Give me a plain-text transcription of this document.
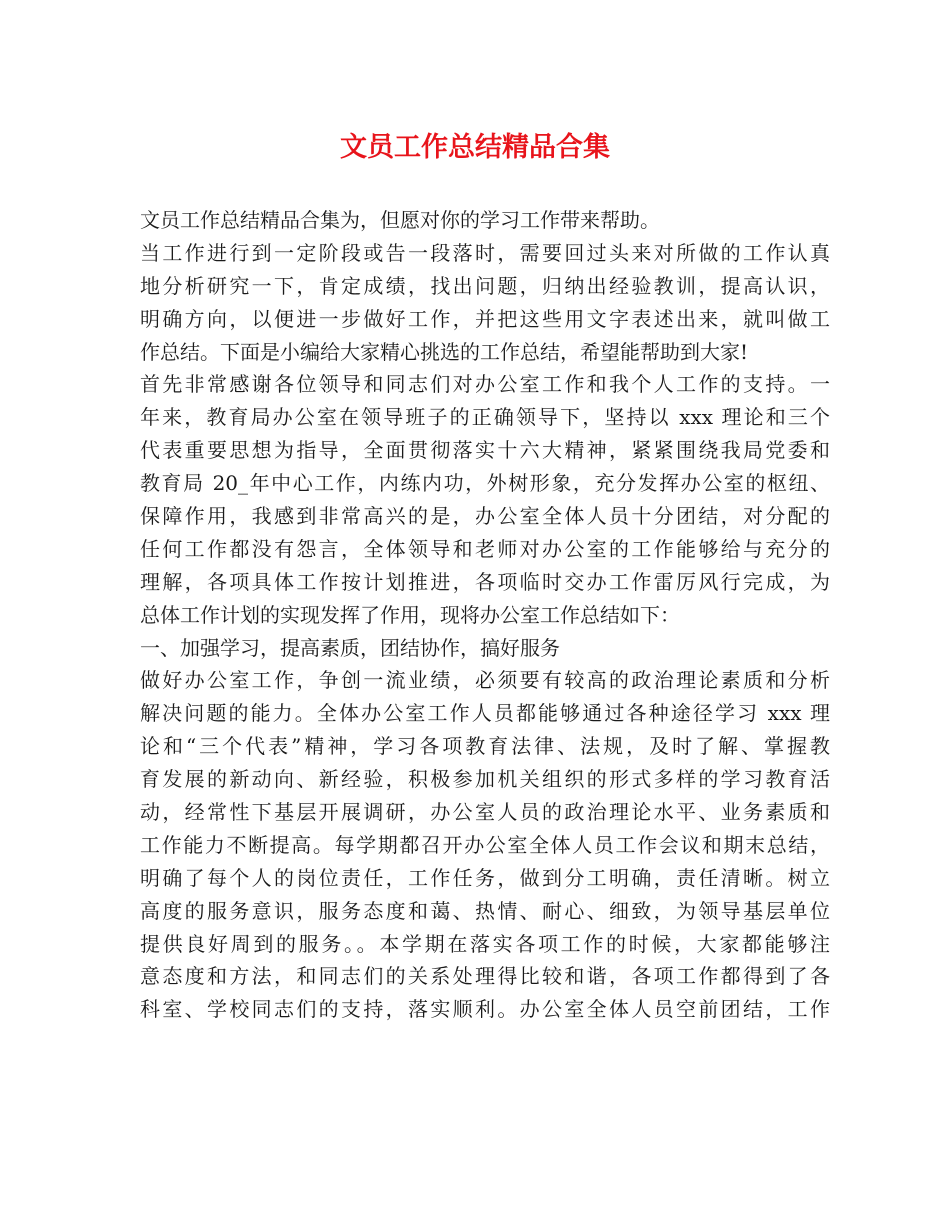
文员工作总结精品合集
文员工作总结精品合集为，但愿对你的学习工作带来帮助。
当工作进行到一定阶段或告一段落时，需要回过头来对所做的工作认真
地分析研究一下，肯定成绩，找出问题，归纳出经验教训，提高认识，
明确方向，以便进一步做好工作，并把这些用文字表述出来，就叫做工
作总结。下面是小编给大家精心挑选的工作总结，希望能帮助到大家!
首先非常感谢各位领导和同志们对办公室工作和我个人工作的支持。一
年来，教育局办公室在领导班子的正确领导下，坚持以 xxx 理论和三个
代表重要思想为指导，全面贯彻落实十六大精神，紧紧围绕我局党委和
教育局 20_年中心工作，内练内功，外树形象，充分发挥办公室的枢纽、
保障作用，我感到非常高兴的是，办公室全体人员十分团结，对分配的
任何工作都没有怨言，全体领导和老师对办公室的工作能够给与充分的
理解，各项具体工作按计划推进，各项临时交办工作雷厉风行完成，为
总体工作计划的实现发挥了作用，现将办公室工作总结如下：
一、加强学习，提高素质，团结协作，搞好服务
做好办公室工作，争创一流业绩，必须要有较高的政治理论素质和分析
解决问题的能力。全体办公室工作人员都能够通过各种途径学习 xxx 理
论和“三个代表”精神，学习各项教育法律、法规，及时了解、掌握教
育发展的新动向、新经验，积极参加机关组织的形式多样的学习教育活
动，经常性下基层开展调研，办公室人员的政治理论水平、业务素质和
工作能力不断提高。每学期都召开办公室全体人员工作会议和期末总结，
明确了每个人的岗位责任，工作任务，做到分工明确，责任清晰。树立
高度的服务意识，服务态度和蔼、热情、耐心、细致，为领导基层单位
提供良好周到的服务。。本学期在落实各项工作的时候，大家都能够注
意态度和方法，和同志们的关系处理得比较和谐，各项工作都得到了各
科室、学校同志们的支持，落实顺利。办公室全体人员空前团结，工作
